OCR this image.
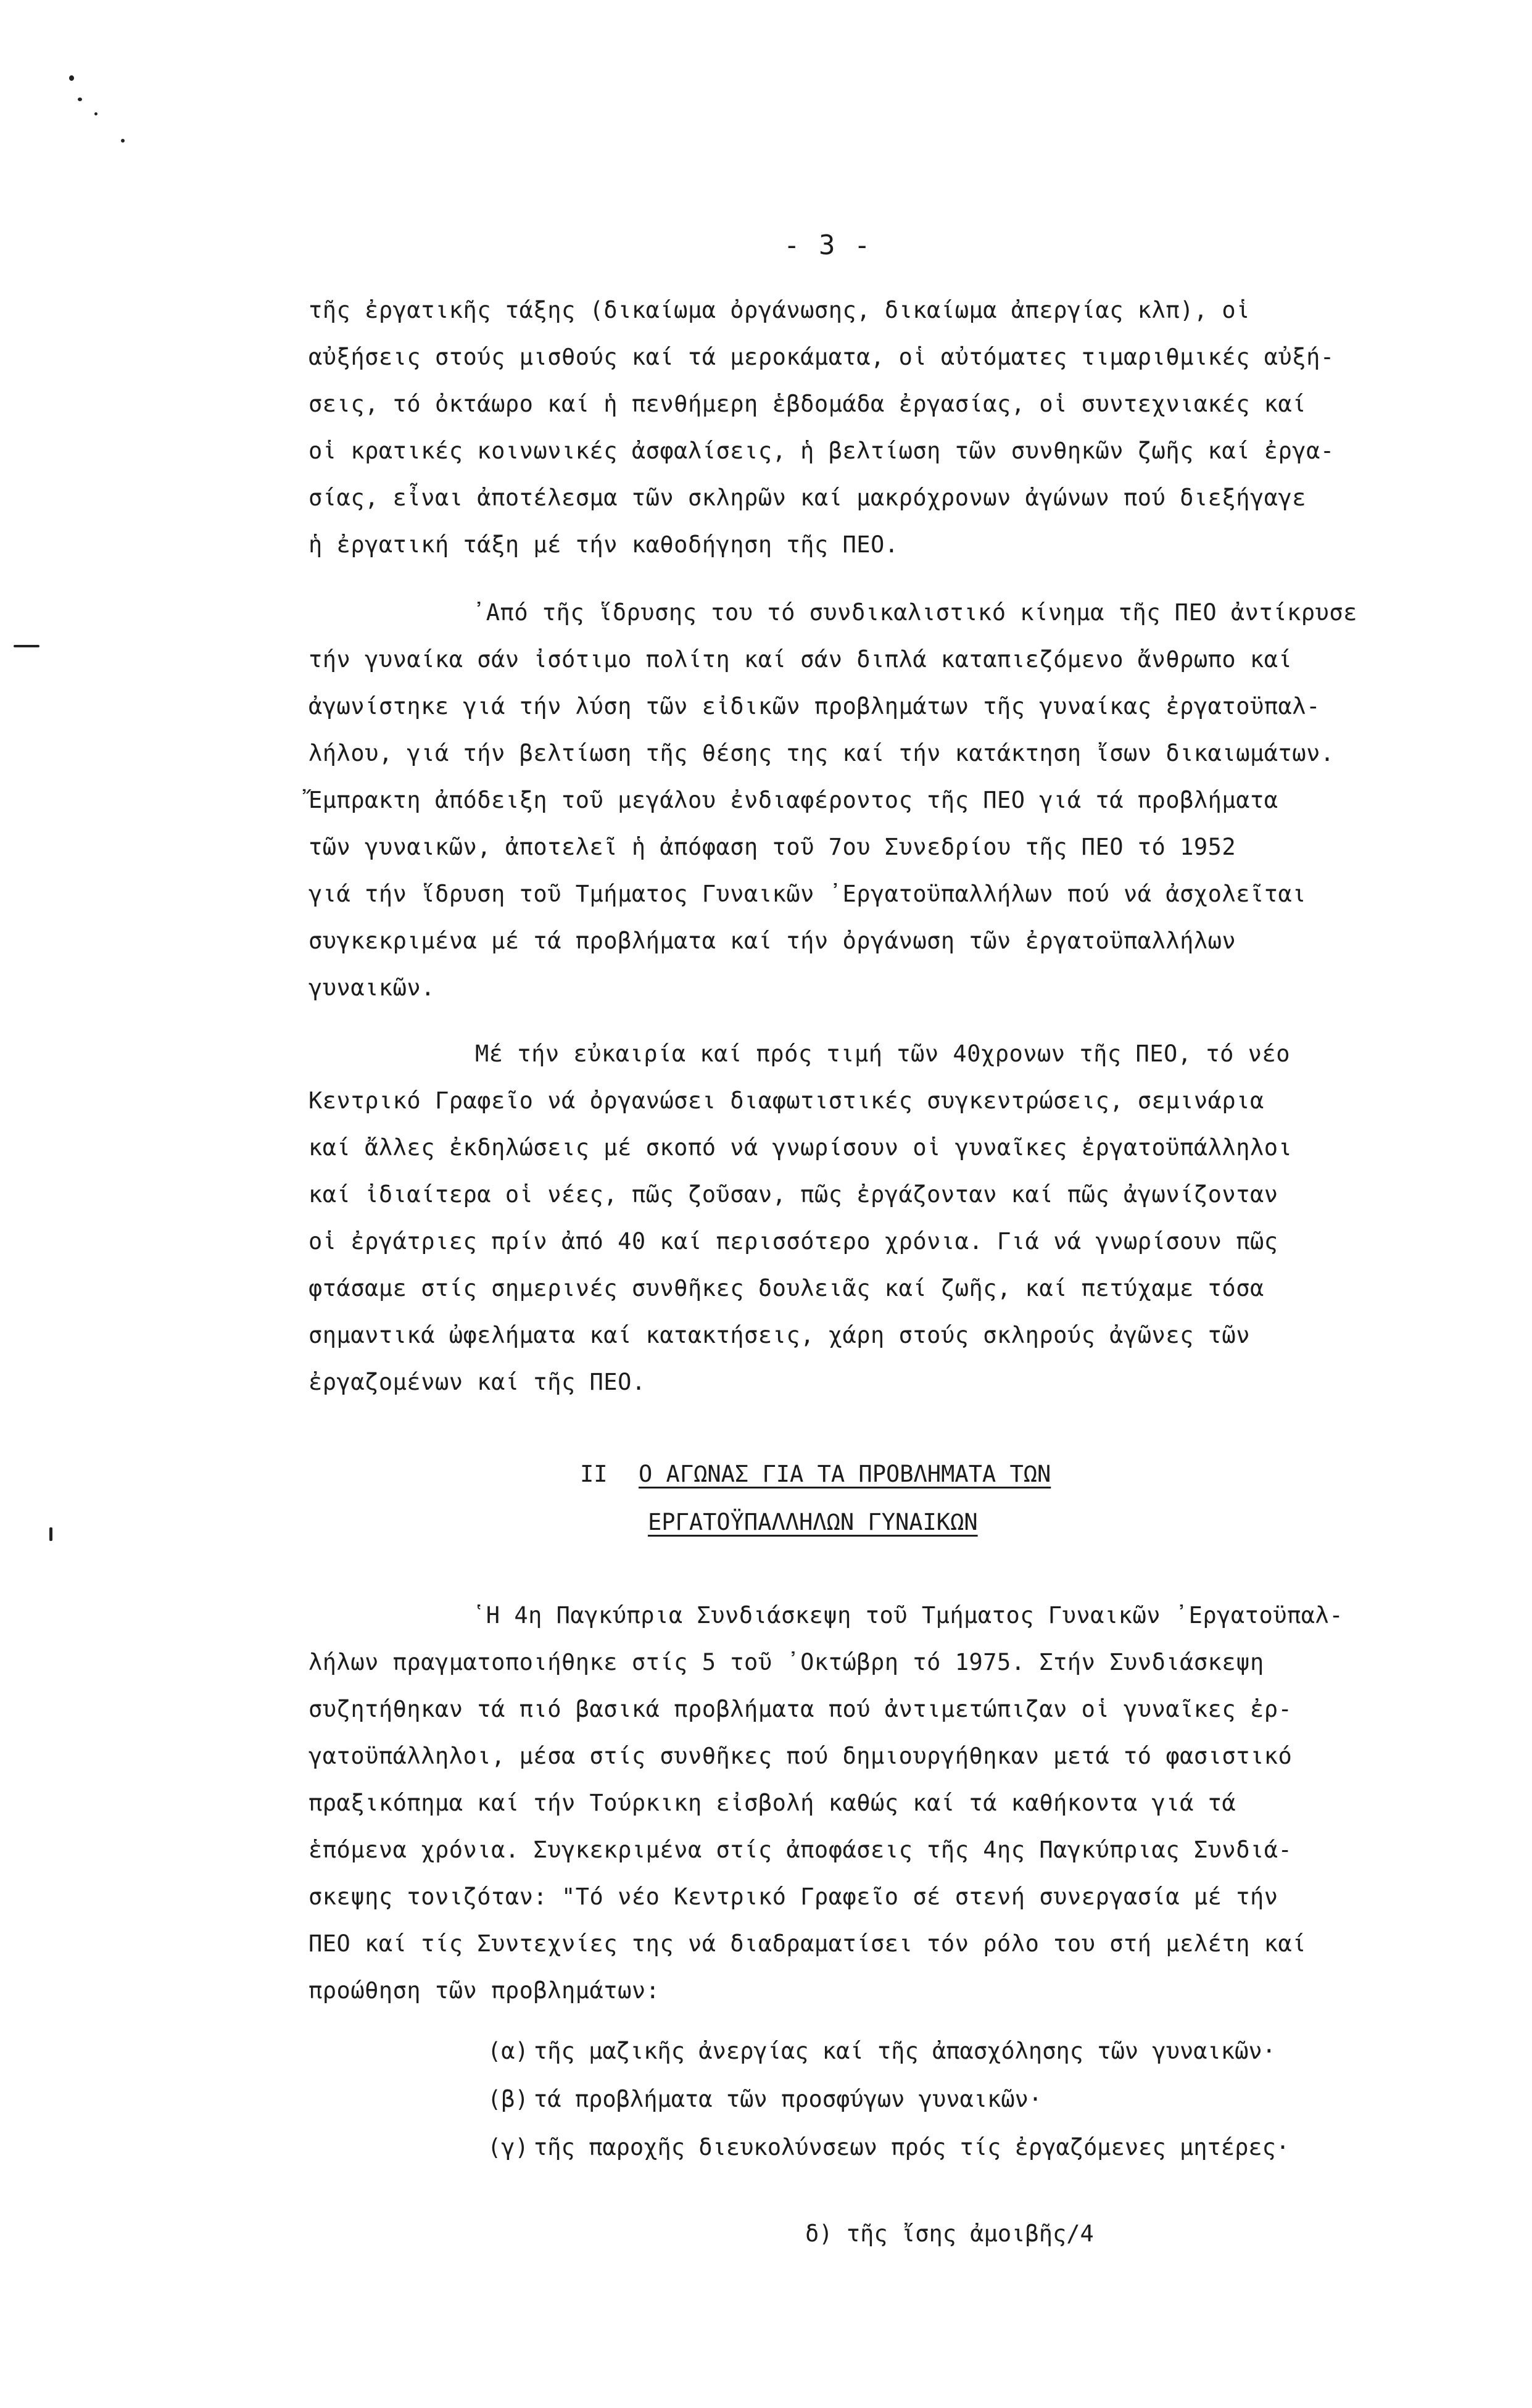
- 3 -
τῆς ἐργατικῆς τάξης (δικαίωμα ὀργάνωσης, δικαίωμα ἀπεργίας κλπ), οἱ
αὐξήσεις στούς μισθούς καί τά μεροκάματα, οἱ αὐτόματες τιμαριθμικές αὐξή-
σεις, τό ὀκτάωρο καί ἡ πενθήμερη ἑβδομάδα ἐργασίας, οἱ συντεχνιακές καί
οἱ κρατικές κοινωνικές ἀσφαλίσεις, ἡ βελτίωση τῶν συνθηκῶν ζωῆς καί ἐργα-
σίας, εἶναι ἀποτέλεσμα τῶν σκληρῶν καί μακρόχρονων ἀγώνων πού διεξήγαγε
ἡ ἐργατική τάξη μέ τήν καθοδήγηση τῆς ΠΕΟ.
᾽Από τῆς ἵδρυσης του τό συνδικαλιστικό κίνημα τῆς ΠΕΟ ἀντίκρυσε
τήν γυναίκα σάν ἰσότιμο πολίτη καί σάν διπλά καταπιεζόμενο ἄνθρωπο καί
ἀγωνίστηκε γιά τήν λύση τῶν εἰδικῶν προβλημάτων τῆς γυναίκας ἐργατοϋπαλ-
λήλου, γιά τήν βελτίωση τῆς θέσης της καί τήν κατάκτηση ἴσων δικαιωμάτων.
Ἔμπρακτη ἀπόδειξη τοῦ μεγάλου ἐνδιαφέροντος τῆς ΠΕΟ γιά τά προβλήματα
τῶν γυναικῶν, ἀποτελεῖ ἡ ἀπόφαση τοῦ 7ου Συνεδρίου τῆς ΠΕΟ τό 1952
γιά τήν ἵδρυση τοῦ Τμήματος Γυναικῶν ᾽Εργατοϋπαλλήλων πού νά ἀσχολεῖται
συγκεκριμένα μέ τά προβλήματα καί τήν ὀργάνωση τῶν ἐργατοϋπαλλήλων
γυναικῶν.
Μέ τήν εὐκαιρία καί πρός τιμή τῶν 40χρονων τῆς ΠΕΟ, τό νέο
Κεντρικό Γραφεῖο νά ὀργανώσει διαφωτιστικές συγκεντρώσεις, σεμινάρια
καί ἄλλες ἐκδηλώσεις μέ σκοπό νά γνωρίσουν οἱ γυναῖκες ἐργατοϋπάλληλοι
καί ἰδιαίτερα οἱ νέες, πῶς ζοῦσαν, πῶς ἐργάζονταν καί πῶς ἀγωνίζονταν
οἱ ἐργάτριες πρίν ἀπό 40 καί περισσότερο χρόνια. Γιά νά γνωρίσουν πῶς
φτάσαμε στίς σημερινές συνθῆκες δουλειᾶς καί ζωῆς, καί πετύχαμε τόσα
σημαντικά ὠφελήματα καί κατακτήσεις, χάρη στούς σκληρούς ἀγῶνες τῶν
ἐργαζομένων καί τῆς ΠΕΟ.
ΙΙ Ο ΑΓΩΝΑΣ ΓΙΑ ΤΑ ΠΡΟΒΛΗΜΑΤΑ ΤΩΝ
ΕΡΓΑΤΟΫΠΑΛΛΗΛΩΝ ΓΥΝΑΙΚΩΝ
῾Η 4η Παγκύπρια Συνδιάσκεψη τοῦ Τμήματος Γυναικῶν ᾽Εργατοϋπαλ-
λήλων πραγματοποιήθηκε στίς 5 τοῦ ᾽Οκτώβρη τό 1975. Στήν Συνδιάσκεψη
συζητήθηκαν τά πιό βασικά προβλήματα πού ἀντιμετώπιζαν οἱ γυναῖκες ἐρ-
γατοϋπάλληλοι, μέσα στίς συνθῆκες πού δημιουργήθηκαν μετά τό φασιστικό
πραξικόπημα καί τήν Τούρκικη εἰσβολή καθώς καί τά καθήκοντα γιά τά
ἑπόμενα χρόνια. Συγκεκριμένα στίς ἀποφάσεις τῆς 4ης Παγκύπριας Συνδιά-
σκεψης τονιζόταν: "Τό νέο Κεντρικό Γραφεῖο σέ στενή συνεργασία μέ τήν
ΠΕΟ καί τίς Συντεχνίες της νά διαδραματίσει τόν ρόλο του στή μελέτη καί
προώθηση τῶν προβλημάτων:
(α) τῆς μαζικῆς ἀνεργίας καί τῆς ἀπασχόλησης τῶν γυναικῶν·
(β) τά προβλήματα τῶν προσφύγων γυναικῶν·
(γ) τῆς παροχῆς διευκολύνσεων πρός τίς ἐργαζόμενες μητέρες·
δ) τῆς ἴσης ἀμοιβῆς/4
